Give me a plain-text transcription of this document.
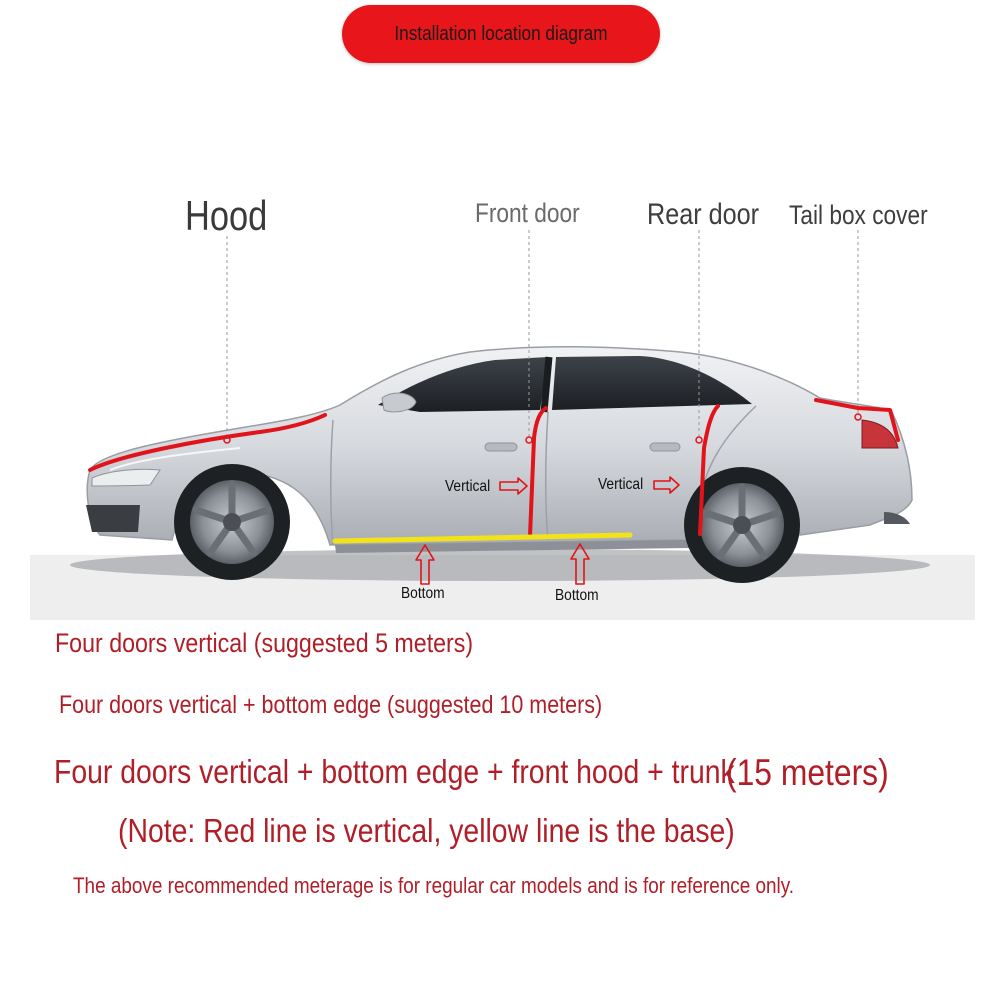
Installation location diagram
Hood	Front door Rear door Tail box cover
Vertical	Vertical
Bottom	Bottom
Four doors vertical (suggested 5 meters)
Four doors vertical + bottom edge (suggested 10 meters)
Four doors vertical + bottom edge + front hood + trunk
(15 meters)
(Note: Red line is vertical, yellow line is the base)
The above recommended meterage is for regular car models and is for reference only.
